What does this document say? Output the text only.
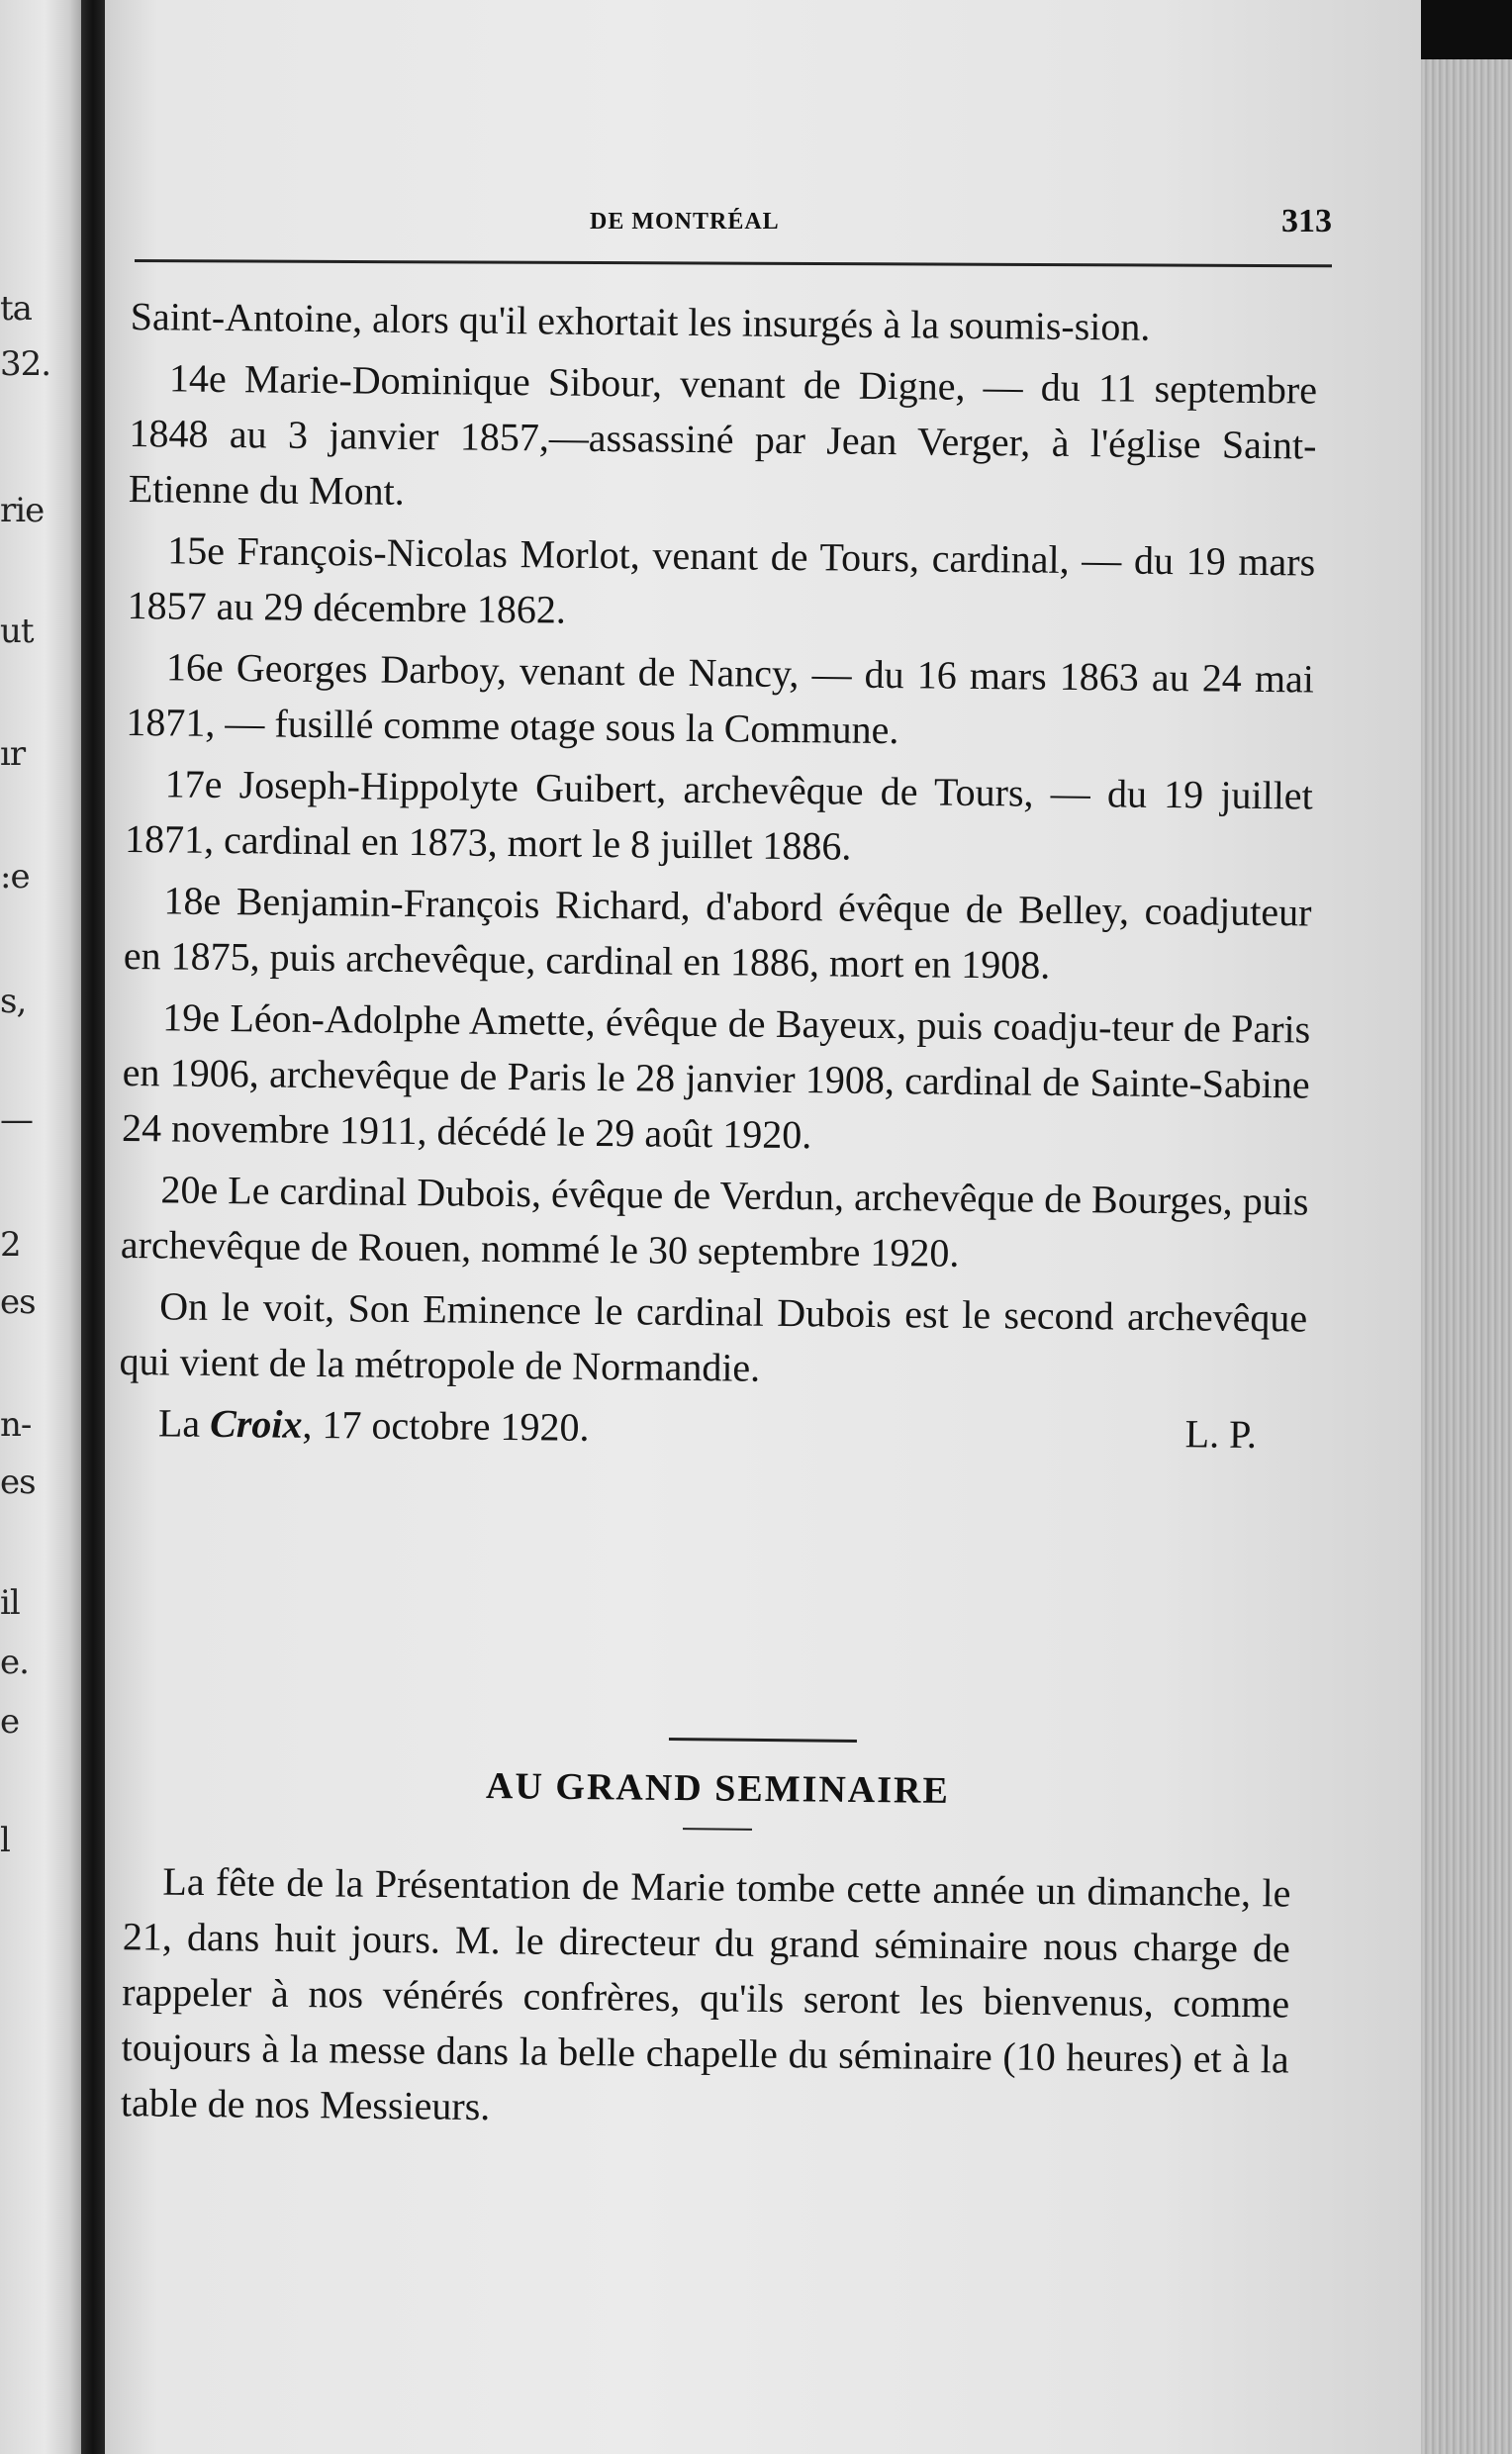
ta
32.
rie
ut
ır
:e
s,
—
2
es
n-
es
il
e.
e
l
DE MONTRÉAL	313

Saint-Antoine, alors qu'il exhortait les insurgés à la soumis-sion.

14e Marie-Dominique Sibour, venant de Digne, — du 11 septembre 1848 au 3 janvier 1857,—assassiné par Jean Verger, à l'église Saint-Etienne du Mont.

15e François-Nicolas Morlot, venant de Tours, cardinal, — du 19 mars 1857 au 29 décembre 1862.

16e Georges Darboy, venant de Nancy, — du 16 mars 1863 au 24 mai 1871, — fusillé comme otage sous la Commune.

17e Joseph-Hippolyte Guibert, archevêque de Tours, — du 19 juillet 1871, cardinal en 1873, mort le 8 juillet 1886.

18e Benjamin-François Richard, d'abord évêque de Belley, coadjuteur en 1875, puis archevêque, cardinal en 1886, mort en 1908.

19e Léon-Adolphe Amette, évêque de Bayeux, puis coadju-teur de Paris en 1906, archevêque de Paris le 28 janvier 1908, cardinal de Sainte-Sabine 24 novembre 1911, décédé le 29 août 1920.

20e Le cardinal Dubois, évêque de Verdun, archevêque de Bourges, puis archevêque de Rouen, nommé le 30 septembre 1920.

On le voit, Son Eminence le cardinal Dubois est le second archevêque qui vient de la métropole de Normandie.

La Croix, 17 octobre 1920.	L. P.
AU GRAND SEMINAIRE

La fête de la Présentation de Marie tombe cette année un dimanche, le 21, dans huit jours. M. le directeur du grand séminaire nous charge de rappeler à nos vénérés confrères, qu'ils seront les bienvenus, comme toujours à la messe dans la belle chapelle du séminaire (10 heures) et à la table de nos Messieurs.
